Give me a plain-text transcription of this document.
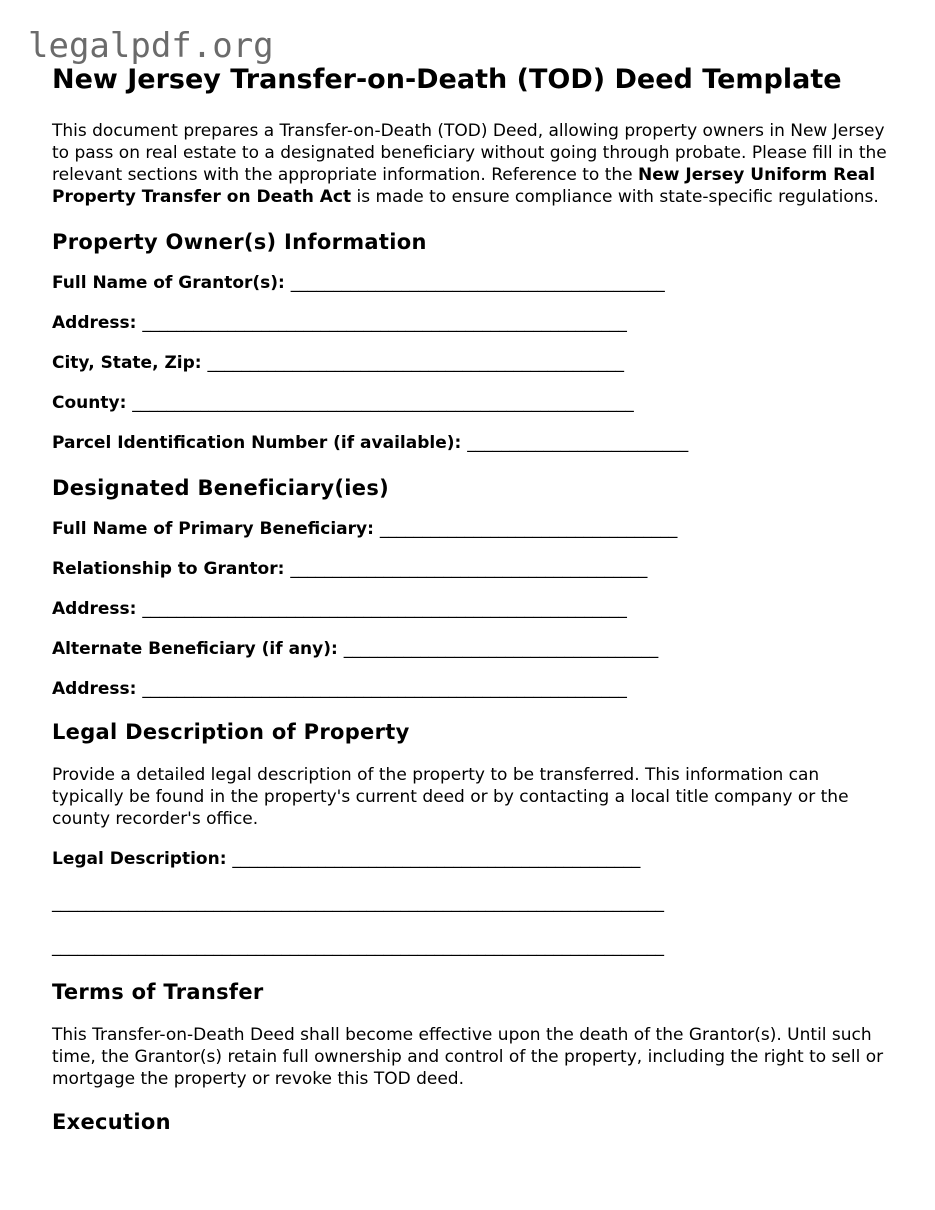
legalpdf.org
New Jersey Transfer-on-Death (TOD) Deed Template

This document prepares a Transfer-on-Death (TOD) Deed, allowing property owners in New Jersey to pass on real estate to a designated beneficiary without going through probate. Please fill in the relevant sections with the appropriate information. Reference to the New Jersey Uniform Real Property Transfer on Death Act is made to ensure compliance with state-specific regulations.

Property Owner(s) Information

Full Name of Grantor(s): ____________________________________________

Address: _________________________________________________________

City, State, Zip: _________________________________________________

County: ___________________________________________________________

Parcel Identification Number (if available): __________________________

Designated Beneficiary(ies)

Full Name of Primary Beneficiary: ___________________________________

Relationship to Grantor: __________________________________________

Address: _________________________________________________________

Alternate Beneficiary (if any): _____________________________________

Address: _________________________________________________________

Legal Description of Property

Provide a detailed legal description of the property to be transferred. This information can typically be found in the property's current deed or by contacting a local title company or the county recorder's office.

Legal Description: ________________________________________________

________________________________________________________________________

________________________________________________________________________

Terms of Transfer

This Transfer-on-Death Deed shall become effective upon the death of the Grantor(s). Until such time, the Grantor(s) retain full ownership and control of the property, including the right to sell or mortgage the property or revoke this TOD deed.

Execution
